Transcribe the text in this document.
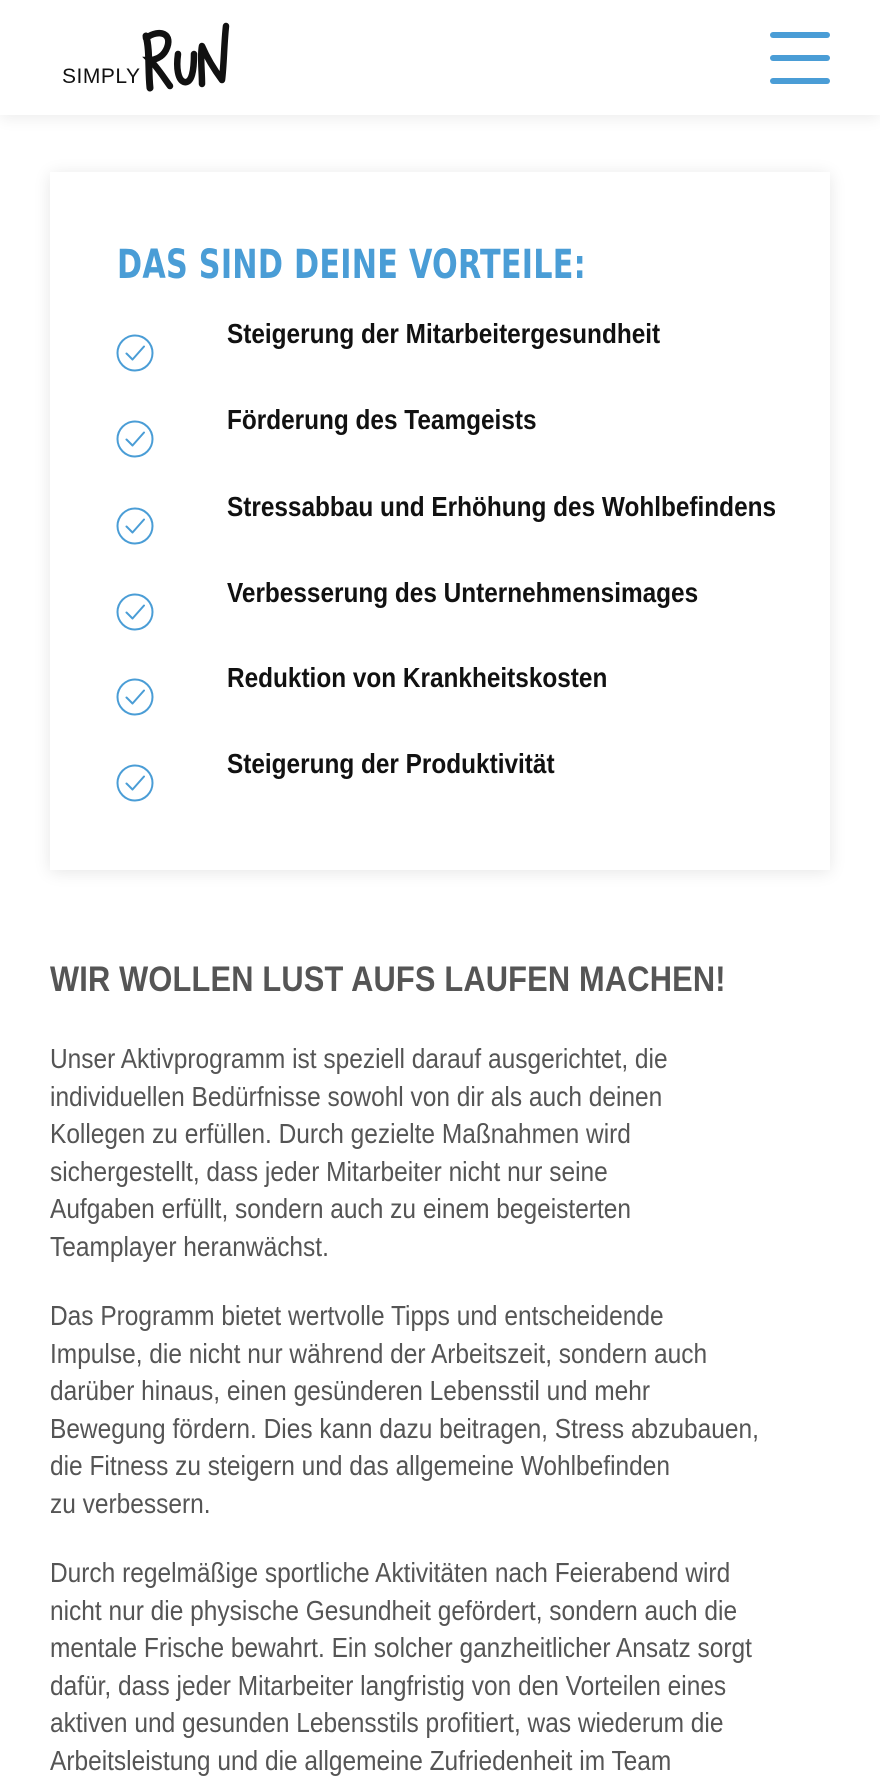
SIMPLY
DAS SIND DEINE VORTEILE:
Steigerung der Mitarbeitergesundheit
Förderung des Teamgeists
Stressabbau und Erhöhung des Wohlbefindens
Verbesserung des Unternehmensimages
Reduktion von Krankheitskosten
Steigerung der Produktivität
WIR WOLLEN LUST AUFS LAUFEN MACHEN!

Unser Aktivprogramm ist speziell darauf ausgerichtet, die
individuellen Bedürfnisse sowohl von dir als auch deinen
Kollegen zu erfüllen. Durch gezielte Maßnahmen wird
sichergestellt, dass jeder Mitarbeiter nicht nur seine
Aufgaben erfüllt, sondern auch zu einem begeisterten
Teamplayer heranwächst.

Das Programm bietet wertvolle Tipps und entscheidende
Impulse, die nicht nur während der Arbeitszeit, sondern auch
darüber hinaus, einen gesünderen Lebensstil und mehr
Bewegung fördern. Dies kann dazu beitragen, Stress abzubauen,
die Fitness zu steigern und das allgemeine Wohlbefinden
zu verbessern.

Durch regelmäßige sportliche Aktivitäten nach Feierabend wird
nicht nur die physische Gesundheit gefördert, sondern auch die
mentale Frische bewahrt. Ein solcher ganzheitlicher Ansatz sorgt
dafür, dass jeder Mitarbeiter langfristig von den Vorteilen eines
aktiven und gesunden Lebensstils profitiert, was wiederum die
Arbeitsleistung und die allgemeine Zufriedenheit im Team
